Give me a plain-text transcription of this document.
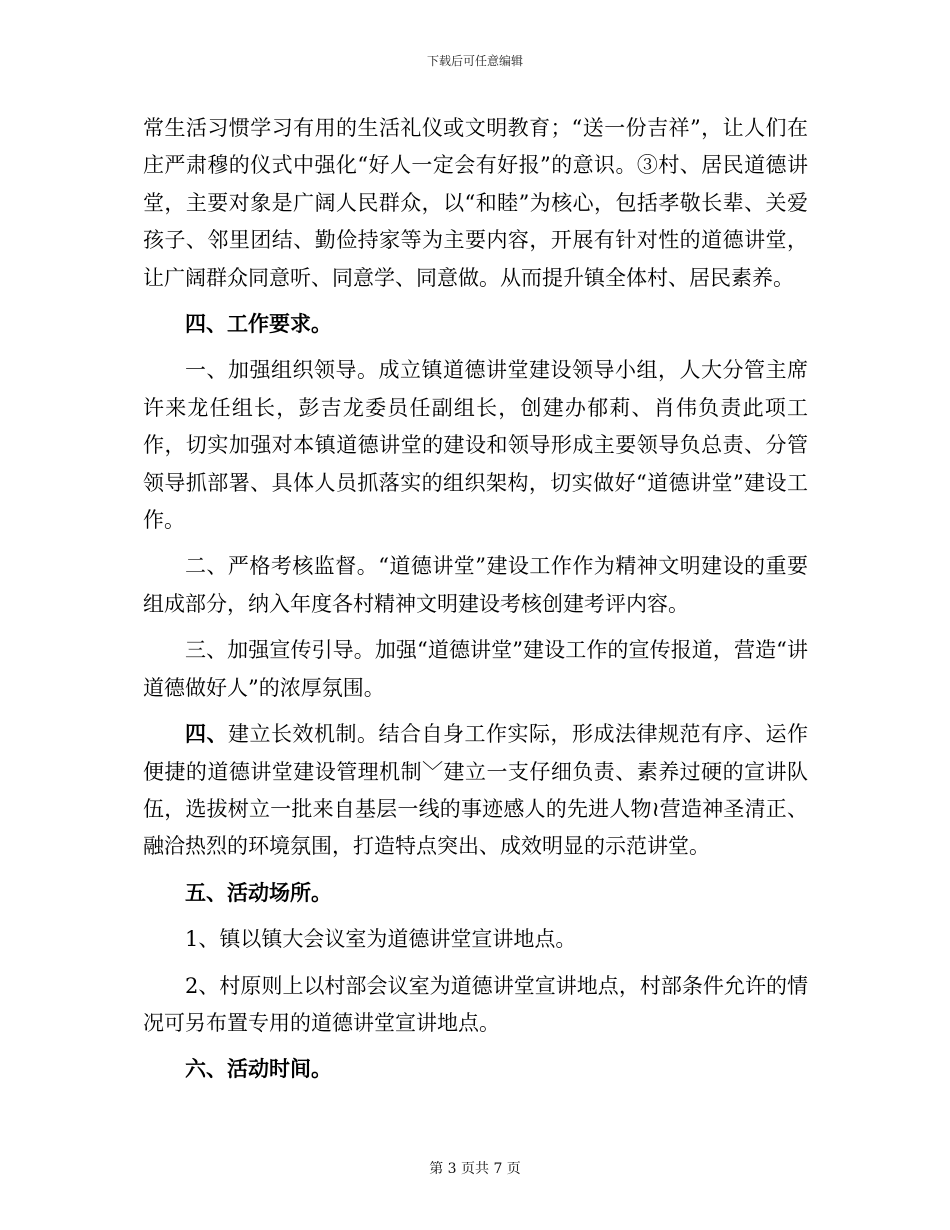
下载后可任意编辑

常生活习惯学习有用的生活礼仪或文明教育；“送一份吉祥”，让人们在庄严肃穆的仪式中强化“好人一定会有好报”的意识。③村、居民道德讲堂，主要对象是广阔人民群众，以“和睦”为核心，包括孝敬长辈、关爱孩子、邻里团结、勤俭持家等为主要内容，开展有针对性的道德讲堂，让广阔群众同意听、同意学、同意做。从而提升镇全体村、居民素养。

四、工作要求。

一、加强组织领导。成立镇道德讲堂建设领导小组，人大分管主席许来龙任组长，彭吉龙委员任副组长，创建办郁莉、肖伟负责此项工作，切实加强对本镇道德讲堂的建设和领导形成主要领导负总责、分管领导抓部署、具体人员抓落实的组织架构，切实做好“道德讲堂”建设工作。

二、严格考核监督。“道德讲堂”建设工作作为精神文明建设的重要组成部分，纳入年度各村精神文明建设考核创建考评内容。

三、加强宣传引导。加强“道德讲堂”建设工作的宣传报道，营造“讲道德做好人”的浓厚氛围。

四、建立长效机制。结合自身工作实际，形成法律规范有序、运作便捷的道德讲堂建设管理机制﹀建立一支仔细负责、素养过硬的宣讲队伍，选拔树立一批来自基层一线的事迹感人的先进人物≀营造神圣清正、融洽热烈的环境氛围，打造特点突出、成效明显的示范讲堂。

五、活动场所。

1、镇以镇大会议室为道德讲堂宣讲地点。

2、村原则上以村部会议室为道德讲堂宣讲地点，村部条件允许的情况可另布置专用的道德讲堂宣讲地点。

六、活动时间。

第 3 页共 7 页
